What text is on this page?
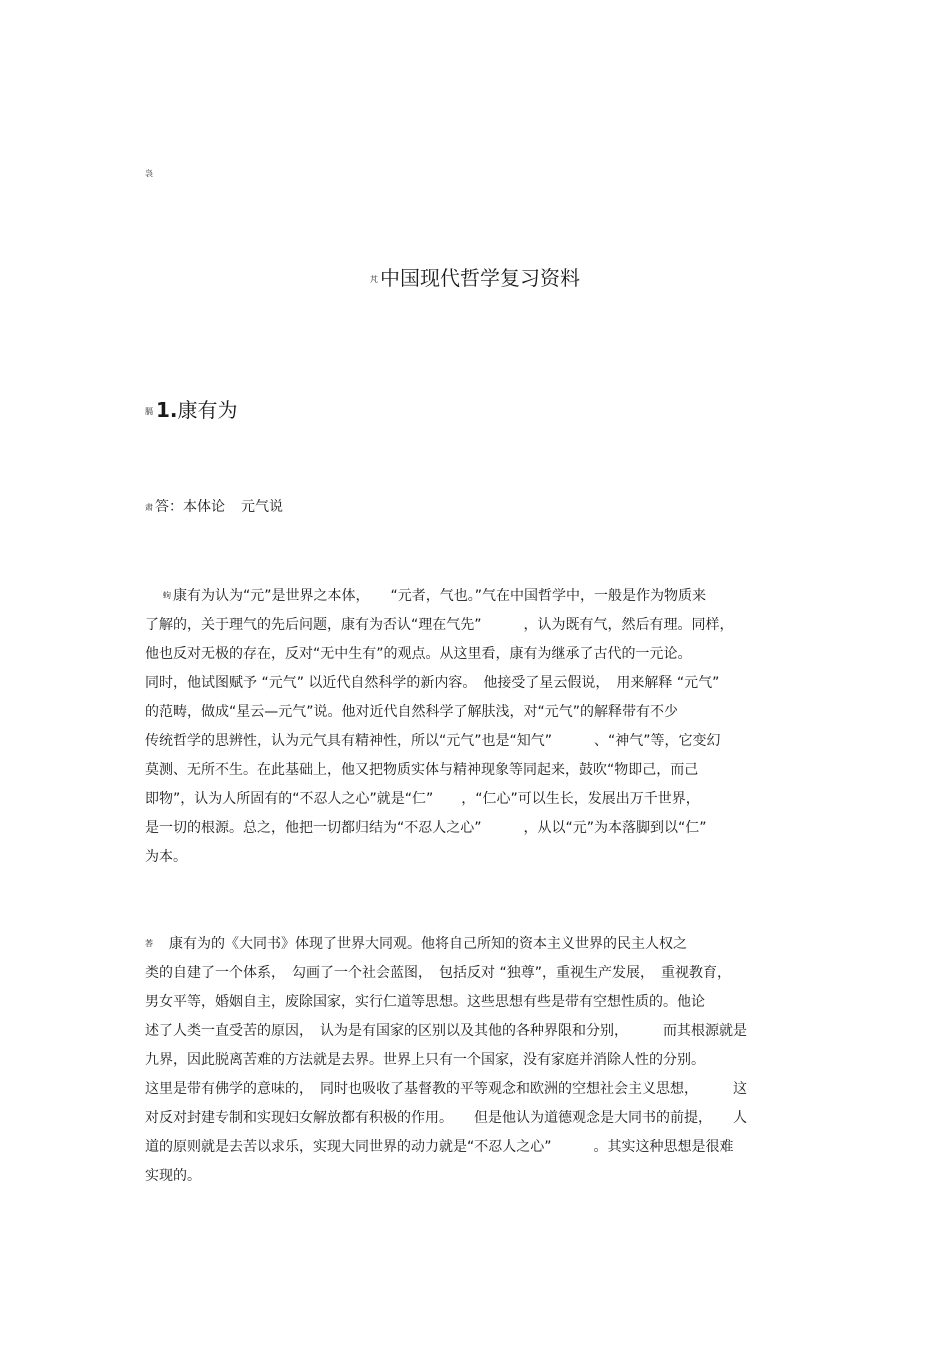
袅
芃 中国现代哲学复习资料
膈 1.康有为
肃 答：本体论 元气说
蚼 康有为认为“元”是世界之本体，　　“元者，气也。”气在中国哲学中，一般是作为物质来
了解的，关于理气的先后问题，康有为否认“理在气先”　　　，认为既有气，然后有理。同样，
他也反对无极的存在，反对“无中生有”的观点。从这里看，康有为继承了古代的一元论。
同时，他试图赋予 “元气” 以近代自然科学的新内容。　他接受了星云假说，　用来解释 “元气”
的范畴，做成“星云—元气”说。他对近代自然科学了解肤浅，对“元气”的解释带有不少
传统哲学的思辨性，认为元气具有精神性，所以“元气”也是“知气”　　　、“神气”等，它变幻
莫测、无所不生。在此基础上，他又把物质实体与精神现象等同起来，鼓吹“物即己，而己
即物”，认为人所固有的“不忍人之心”就是“仁”　　，“仁心”可以生长，发展出万千世界，
是一切的根源。总之，他把一切都归结为“不忍人之心”　　　，从以“元”为本落脚到以“仁”
为本。
莕　康有为的《大同书》体现了世界大同观。他将自己所知的资本主义世界的民主人权之
类的自建了一个体系，　勾画了一个社会蓝图，　包括反对 “独尊”，重视生产发展，　重视教育，
男女平等，婚姻自主，废除国家，实行仁道等思想。这些思想有些是带有空想性质的。他论
述了人类一直受苦的原因，　认为是有国家的区别以及其他的各种界限和分别，　　　而其根源就是
九界，因此脱离苦难的方法就是去界。世界上只有一个国家，没有家庭并消除人性的分别。
这里是带有佛学的意味的，　同时也吸收了基督教的平等观念和欧洲的空想社会主义思想，　　　这
对反对封建专制和实现妇女解放都有积极的作用。　　但是他认为道德观念是大同书的前提，　　人
道的原则就是去苦以求乐，实现大同世界的动力就是“不忍人之心”　　　。其实这种思想是很难
实现的。
